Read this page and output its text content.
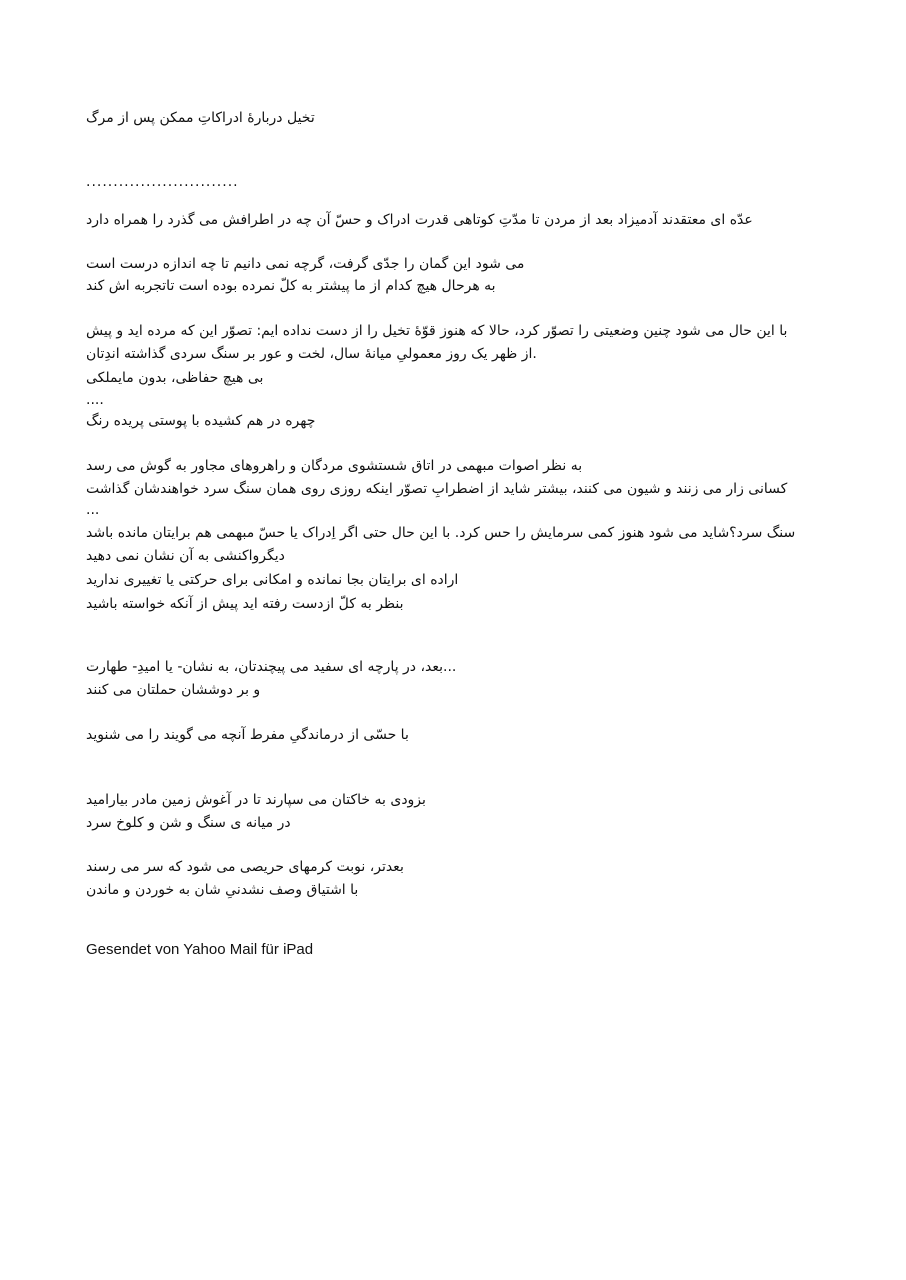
تخیل دربارهٔ ادراکاتِ ممکن پس از مرگ
............................
عدّه ای معتقدند آدمیزاد بعد از مردن تا مدّتِ کوتاهی قدرت ادراک و حسّ آن چه در اطرافش می گذرد را همراه دارد
می شود این گمان را جدّی گرفت، گرچه نمی دانیم تا چه اندازه درست است
به هرحال هیچ کدام از ما پیشتر به کلّ نمرده بوده است تاتجربه اش کند
با این حال می شود چنین وضعیتی را تصوّر کرد، حالا که هنوز قوّهٔ تخیل را از دست نداده ایم: تصوّر این که مرده اید و پیش
.از ظهر یک روز معمولیِ میانهٔ سال، لخت و عور بر سنگ سردی گذاشته اندِتان
بی هیچ حفاظی، بدون مایملکی
....
چهره در هم کشیده با پوستی پریده رنگ
به نظر اصوات مبهمی در اتاق شستشوی مردگان و راهروهای مجاور به گوش می رسد
کسانی زار می زنند و شیون می کنند، بیشتر شاید از اضطرابِ تصوّر اینکه روزی روی همان سنگ سرد خواهندشان گذاشت
...
سنگ سرد؟شاید می شود هنوز کمی سرمایش را حس کرد. با این حال حتی اگر اِدراک یا حسّ مبهمی هم برایتان مانده باشد
دیگرواکنشی به آن نشان نمی دهید
اراده ای برایتان بجا نمانده و امکانی برای حرکتی یا تغییری ندارید
بنظر به کلّ ازدست رفته اید پیش از آنکه خواسته باشید
...بعد، در پارچه ای سفید می پیچندتان، به نشان- یا امیدِ- طهارت
و بر دوششان حملتان می کنند
با حسّی از درماندگیِ مفرط آنچه می گویند را می شنوید
بزودی به خاکتان می سپارند تا در آغوش زمین مادر بیارامید
در میانه ی سنگ و شن و کلوخ سرد
بعدتر، نوبت کرمهای حریصی می شود که سر می رسند
با اشتیاق وصف نشدنیِ شان به خوردن و ماندن
Gesendet von Yahoo Mail für iPad
